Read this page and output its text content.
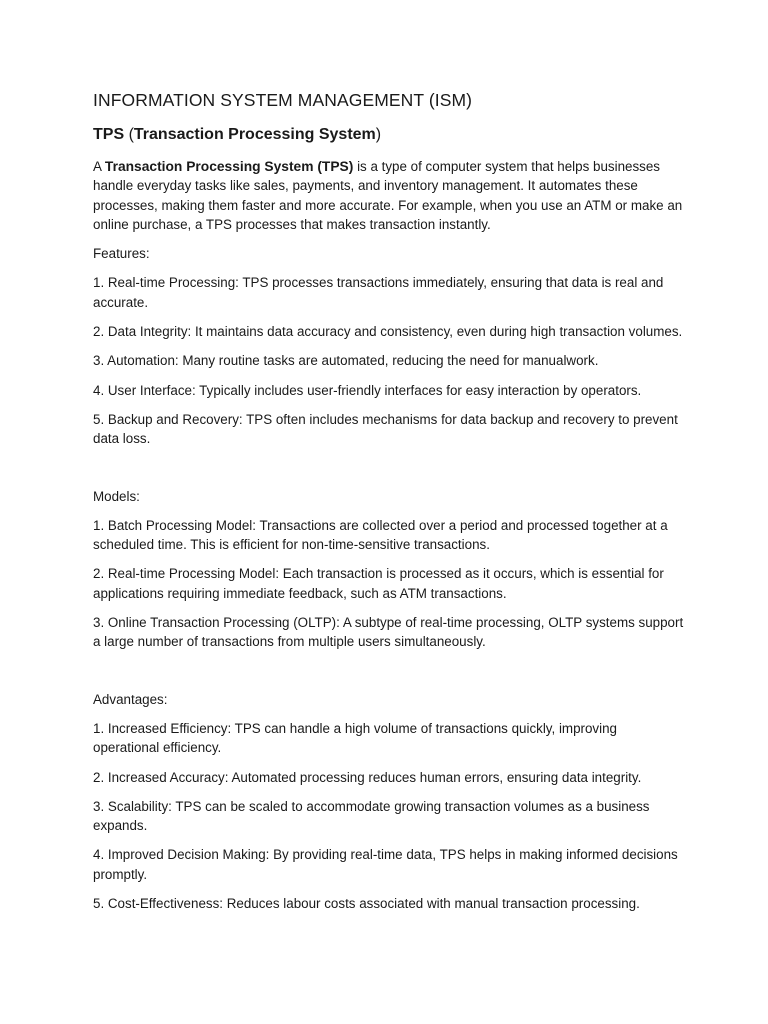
INFORMATION SYSTEM MANAGEMENT (ISM)
TPS (Transaction Processing System)

A Transaction Processing System (TPS) is a type of computer system that helps businesses handle everyday tasks like sales, payments, and inventory management. It automates these processes, making them faster and more accurate. For example, when you use an ATM or make an online purchase, a TPS processes that makes transaction instantly.

Features:

1. Real-time Processing: TPS processes transactions immediately, ensuring that data is real and accurate.

2. Data Integrity: It maintains data accuracy and consistency, even during high transaction volumes.

3. Automation: Many routine tasks are automated, reducing the need for manualwork.

4. User Interface: Typically includes user-friendly interfaces for easy interaction by operators.

5. Backup and Recovery: TPS often includes mechanisms for data backup and recovery to prevent data loss.

Models:

1. Batch Processing Model: Transactions are collected over a period and processed together at a scheduled time. This is efficient for non-time-sensitive transactions.

2. Real-time Processing Model: Each transaction is processed as it occurs, which is essential for applications requiring immediate feedback, such as ATM transactions.

3. Online Transaction Processing (OLTP): A subtype of real-time processing, OLTP systems support a large number of transactions from multiple users simultaneously.

Advantages:

1. Increased Efficiency: TPS can handle a high volume of transactions quickly, improving operational efficiency.

2. Increased Accuracy: Automated processing reduces human errors, ensuring data integrity.

3. Scalability: TPS can be scaled to accommodate growing transaction volumes as a business expands.

4. Improved Decision Making: By providing real-time data, TPS helps in making informed decisions promptly.

5. Cost-Effectiveness: Reduces labour costs associated with manual transaction processing.
